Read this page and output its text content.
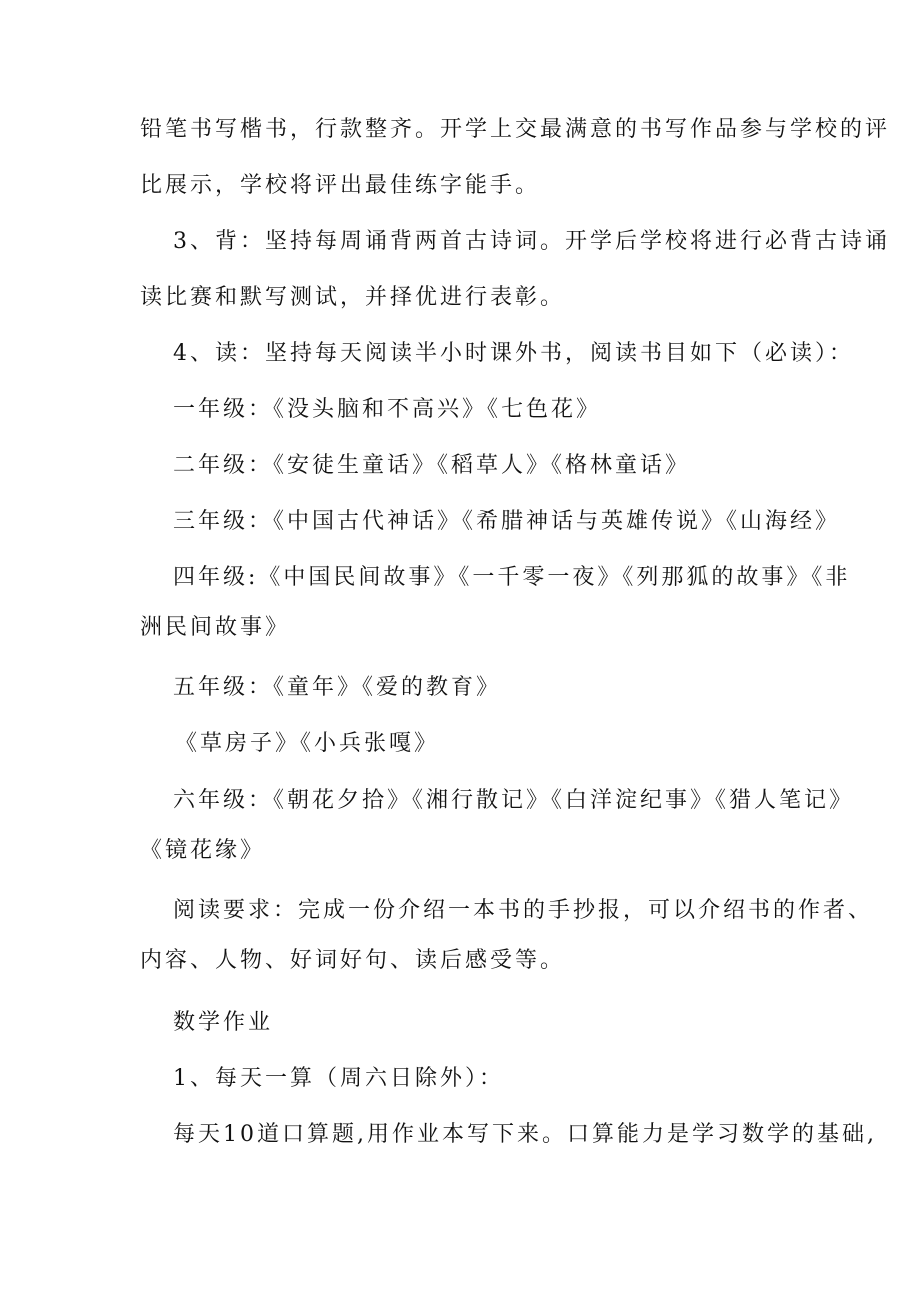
铅笔书写楷书，行款整齐。开学上交最满意的书写作品参与学校的评
比展示，学校将评出最佳练字能手。
3、背：坚持每周诵背两首古诗词。开学后学校将进行必背古诗诵
读比赛和默写测试，并择优进行表彰。
4、读：坚持每天阅读半小时课外书，阅读书目如下（必读）：
一年级：《没头脑和不高兴》《七色花》
二年级：《安徒生童话》《稻草人》《格林童话》
三年级：《中国古代神话》《希腊神话与英雄传说》《山海经》
四年级:《中国民间故事》《一千零一夜》《列那狐的故事》《非
洲民间故事》
五年级：《童年》《爱的教育》
《草房子》《小兵张嘎》
六年级：《朝花夕拾》《湘行散记》《白洋淀纪事》《猎人笔记》
《镜花缘》
阅读要求：完成一份介绍一本书的手抄报，可以介绍书的作者、
内容、人物、好词好句、读后感受等。
数学作业
1、每天一算（周六日除外）：
每天10道口算题,用作业本写下来。口算能力是学习数学的基础,
